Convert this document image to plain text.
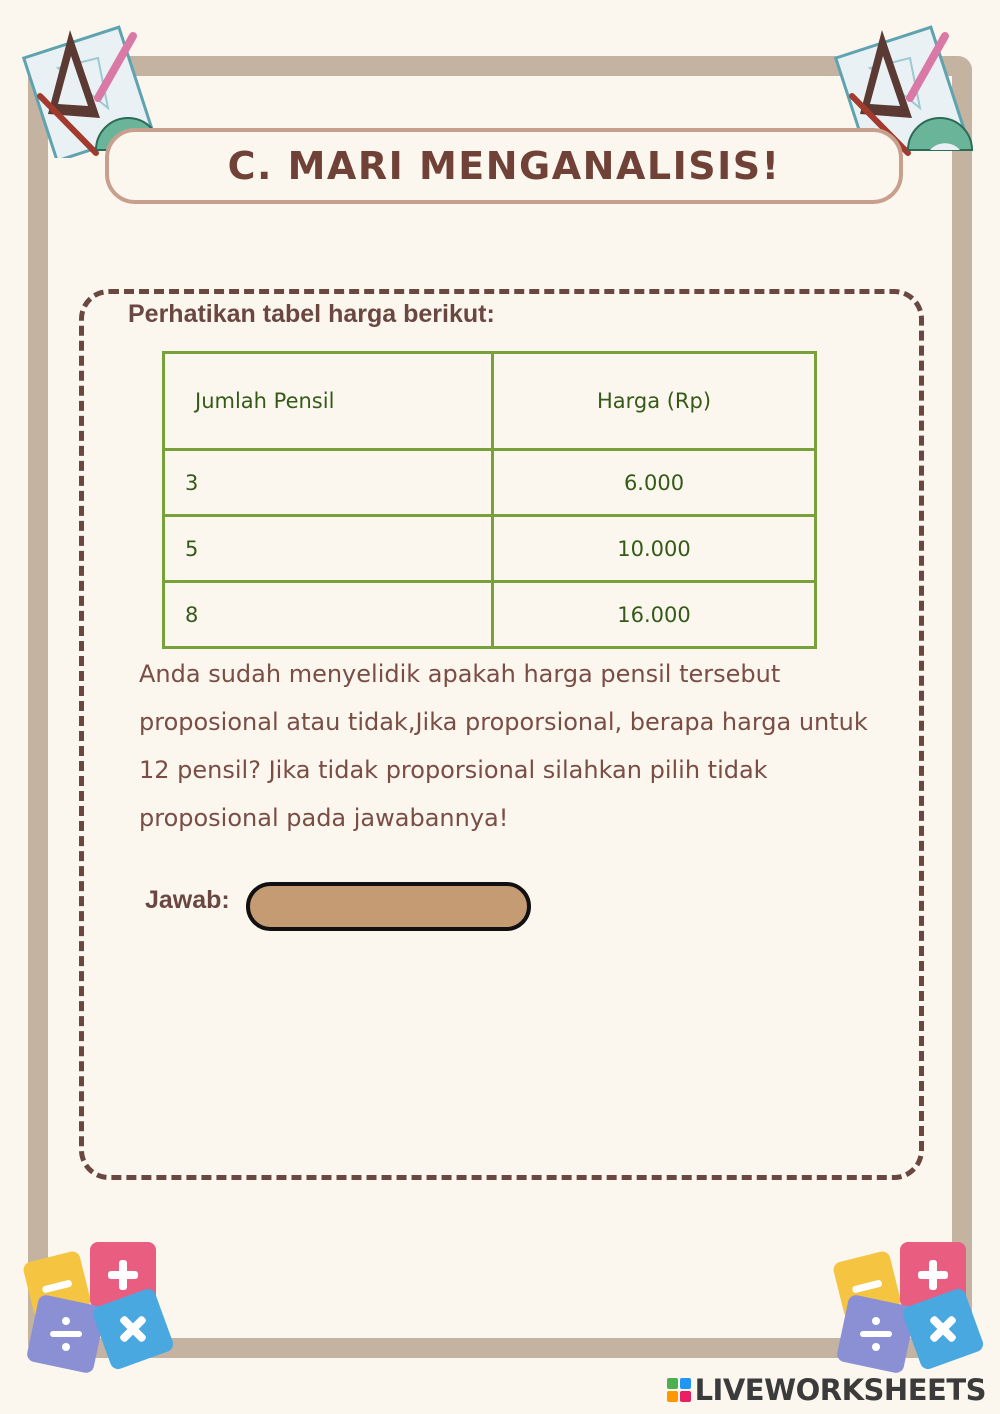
C. MARI MENGANALISIS!
Perhatikan tabel harga berikut:
Jumlah Pensil	Harga (Rp)
3	6.000
5	10.000
8	16.000
Anda sudah menyelidik apakah harga pensil tersebut proposional atau tidak,Jika proporsional, berapa harga untuk 12 pensil? Jika tidak proporsional silahkan pilih tidak proposional pada jawabannya!
Jawab:
LIVEWORKSHEETS
